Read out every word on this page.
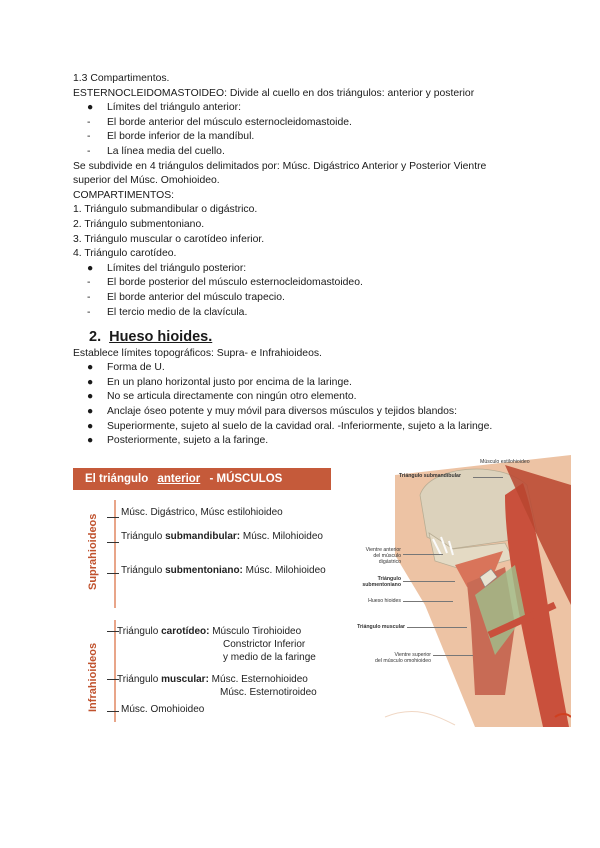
1.3 Compartimentos.
ESTERNOCLEIDOMASTOIDEO: Divide al cuello en dos triángulos: anterior y posterior
● Límites del triángulo anterior:
- El borde anterior del músculo esternocleidomastoide.
- El borde inferior de la mandíbul.
- La línea media del cuello.
Se subdivide en 4 triángulos delimitados por: Músc. Digástrico Anterior y Posterior Vientre
superior del Músc. Omohioideo.
COMPARTIMENTOS:
1. Triángulo submandibular o digástrico.
2. Triángulo submentoniano.
3. Triángulo muscular o carotídeo inferior.
4. Triángulo carotídeo.
● Límites del triángulo posterior:
- El borde posterior del músculo esternocleidomastoideo.
- El borde anterior del músculo trapecio.
- El tercio medio de la clavícula.
2. Hueso hioides.
Establece límites topográficos: Supra- e Infrahioideos.
● Forma de U.
● En un plano horizontal justo por encima de la laringe.
● No se articula directamente con ningún otro elemento.
● Anclaje óseo potente y muy móvil para diversos músculos y tejidos blandos:
● Superiormente, sujeto al suelo de la cavidad oral. -Inferiormente, sujeto a la laringe.
● Posteriormente, sujeto a la faringe.
El triángulo anterior - MÚSCULOS
Suprahioideos
Infrahioideos
Músc. Digástrico, Músc estilohioideo
Triángulo submandibular: Músc. Milohioideo
Triángulo submentoniano: Músc. Milohioideo
Triángulo carotídeo: Músculo Tirohioideo
Constrictor Inferior
y medio de la faringe
Triángulo muscular: Músc. Esternohioideo
Músc. Esternotiroideo
Músc. Omohioideo
Triángulo submandibular
Músculo estilohioideo
Vientre anterior
del músculo
digástrico
Triángulo
submentoniano
Hueso hioides
Triángulo muscular
Vientre superior
del músculo omohioideo
